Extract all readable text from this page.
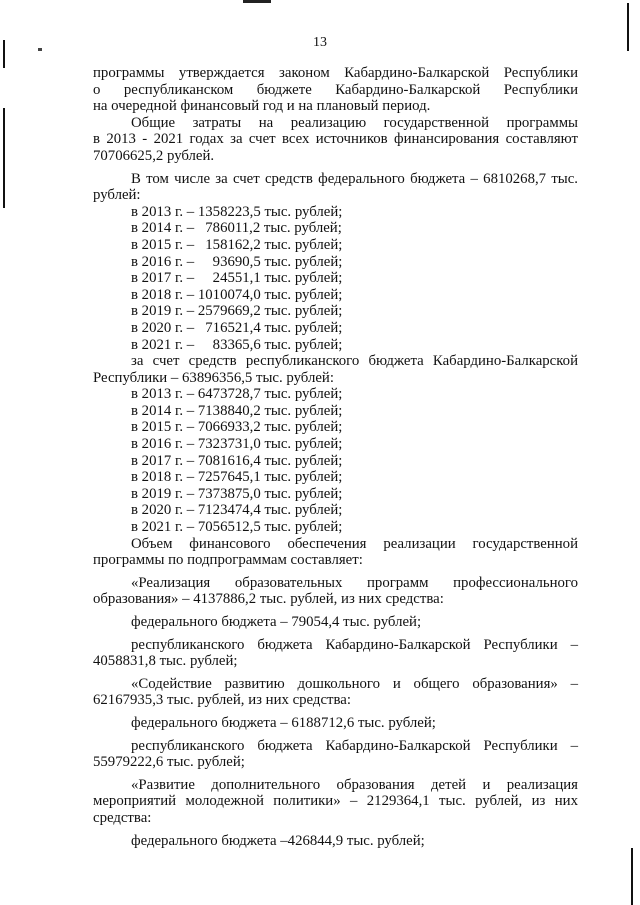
13

программы утверждается законом Кабардино-Балкарской Республики

о республиканском бюджете Кабардино-Балкарской Республики

на очередной финансовый год и на плановый период.

Общие затраты на реализацию государственной программы

в 2013 - 2021 годах за счет всех источников финансирования составляют

70706625,2 рублей.

В том числе за счет средств федерального бюджета – 6810268,7 тыс.

рублей:

в 2013 г. – 1358223,5 тыс. рублей;

в 2014 г. –   786011,2 тыс. рублей;

в 2015 г. –   158162,2 тыс. рублей;

в 2016 г. –     93690,5 тыс. рублей;

в 2017 г. –     24551,1 тыс. рублей;

в 2018 г. – 1010074,0 тыс. рублей;

в 2019 г. – 2579669,2 тыс. рублей;

в 2020 г. –   716521,4 тыс. рублей;

в 2021 г. –     83365,6 тыс. рублей;

за счет средств республиканского бюджета Кабардино-Балкарской

Республики – 63896356,5 тыс. рублей:

в 2013 г. – 6473728,7 тыс. рублей;

в 2014 г. – 7138840,2 тыс. рублей;

в 2015 г. – 7066933,2 тыс. рублей;

в 2016 г. – 7323731,0 тыс. рублей;

в 2017 г. – 7081616,4 тыс. рублей;

в 2018 г. – 7257645,1 тыс. рублей;

в 2019 г. – 7373875,0 тыс. рублей;

в 2020 г. – 7123474,4 тыс. рублей;

в 2021 г. – 7056512,5 тыс. рублей;

Объем финансового обеспечения реализации государственной

программы по подпрограммам составляет:

«Реализация образовательных программ профессионального

образования» – 4137886,2 тыс. рублей, из них средства:

федерального бюджета – 79054,4 тыс. рублей;

республиканского бюджета Кабардино-Балкарской Республики –

4058831,8 тыс. рублей;

«Содействие развитию дошкольного и общего образования» –

62167935,3 тыс. рублей, из них средства:

федерального бюджета – 6188712,6 тыс. рублей;

республиканского бюджета Кабардино-Балкарской Республики –

55979222,6 тыс. рублей;

«Развитие дополнительного образования детей и реализация

мероприятий молодежной политики» – 2129364,1 тыс. рублей, из них

средства:

федерального бюджета –426844,9 тыс. рублей;
